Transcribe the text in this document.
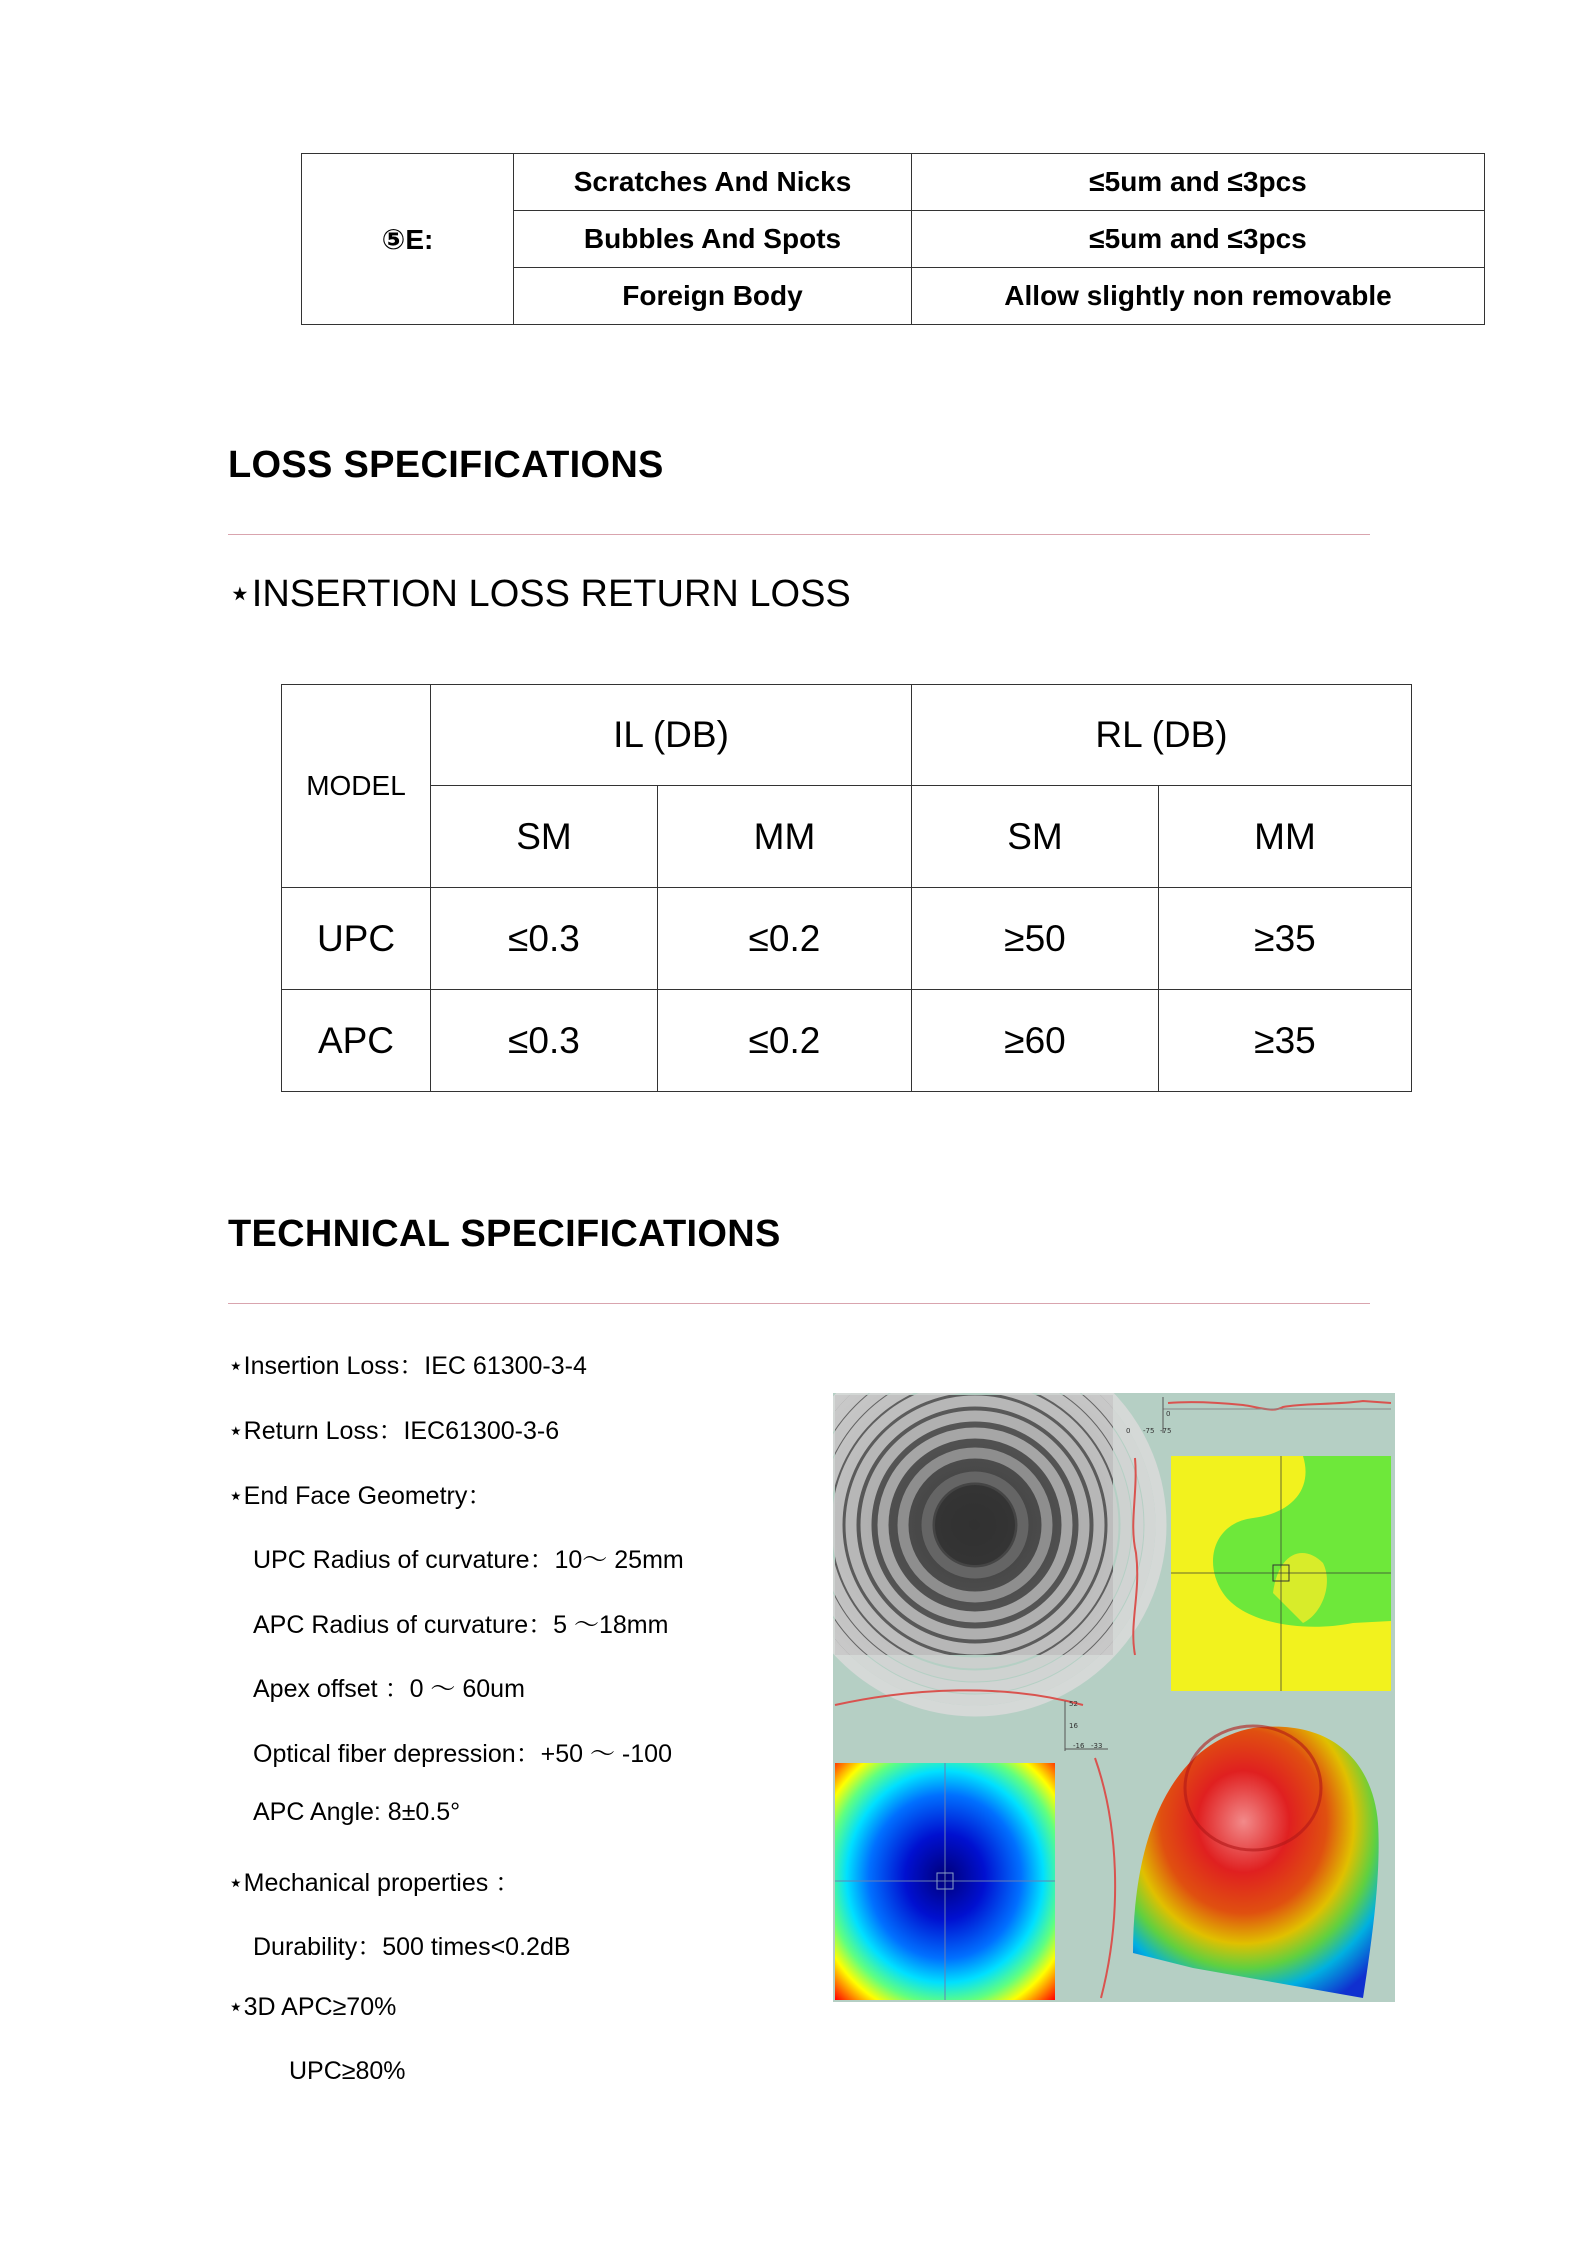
⑤E:	Scratches And Nicks	≤5um and ≤3pcs
	Bubbles And Spots	≤5um and ≤3pcs
	Foreign Body	Allow slightly non removable
LOSS SPECIFICATIONS
⋆INSERTION LOSS RETURN LOSS
MODEL	IL (DB)		RL (DB)	
	SM	MM	SM	MM
UPC	≤0.3	≤0.2	≥50	≥35
APC	≤0.3	≤0.2	≥60	≥35
TECHNICAL SPECIFICATIONS
⋆Insertion Loss：IEC 61300-3-4
⋆Return Loss：IEC61300-3-6
⋆End Face Geometry：
UPC Radius of curvature：10～ 25mm
APC Radius of curvature：5 ～18mm
Apex offset ：0 ～ 60um
Optical fiber depression：+50 ～ -100
APC Angle: 8±0.5°
⋆Mechanical properties ：
Durability：500 times<0.2dB
⋆3D APC≥70%
UPC≥80%
0
0 -75 -75
52
16
-16 -33
